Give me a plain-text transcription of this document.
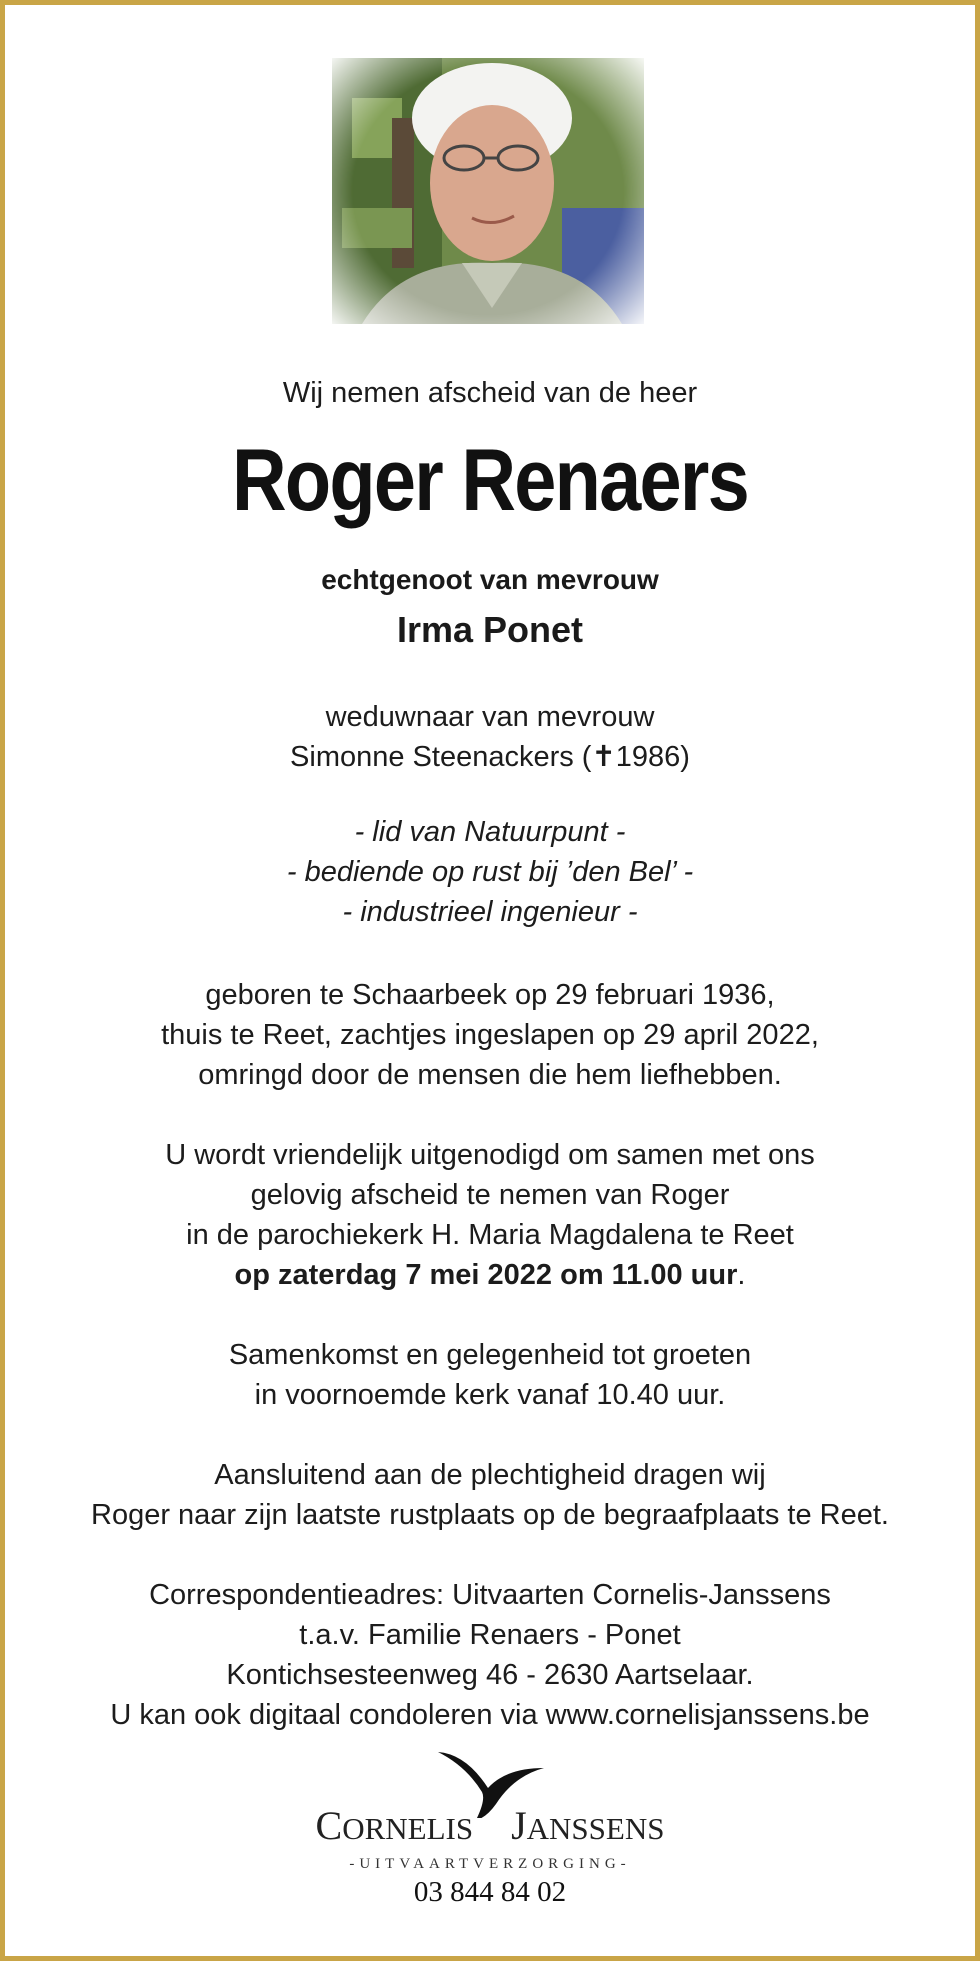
Wij nemen afscheid van de heer
Roger Renaers
echtgenoot van mevrouw
Irma Ponet
weduwnaar van mevrouw
Simonne Steenackers (✝1986)
- lid van Natuurpunt -
- bediende op rust bij ’den Bel’ -
- industrieel ingenieur -
geboren te Schaarbeek op 29 februari 1936,
thuis te Reet, zachtjes ingeslapen op 29 april 2022,
omringd door de mensen die hem liefhebben.
U wordt vriendelijk uitgenodigd om samen met ons
gelovig afscheid te nemen van Roger
in de parochiekerk H. Maria Magdalena te Reet
op zaterdag 7 mei 2022 om 11.00 uur.
Samenkomst en gelegenheid tot groeten
in voornoemde kerk vanaf 10.40 uur.
Aansluitend aan de plechtigheid dragen wij
Roger naar zijn laatste rustplaats op de begraafplaats te Reet.
Correspondentieadres: Uitvaarten Cornelis-Janssens
t.a.v. Familie Renaers - Ponet
Kontichsesteenweg 46 - 2630 Aartselaar.
U kan ook digitaal condoleren via www.cornelisjanssens.be
CORNELIS JANSSENS
-UITVAARTVERZORGING-
03 844 84 02
